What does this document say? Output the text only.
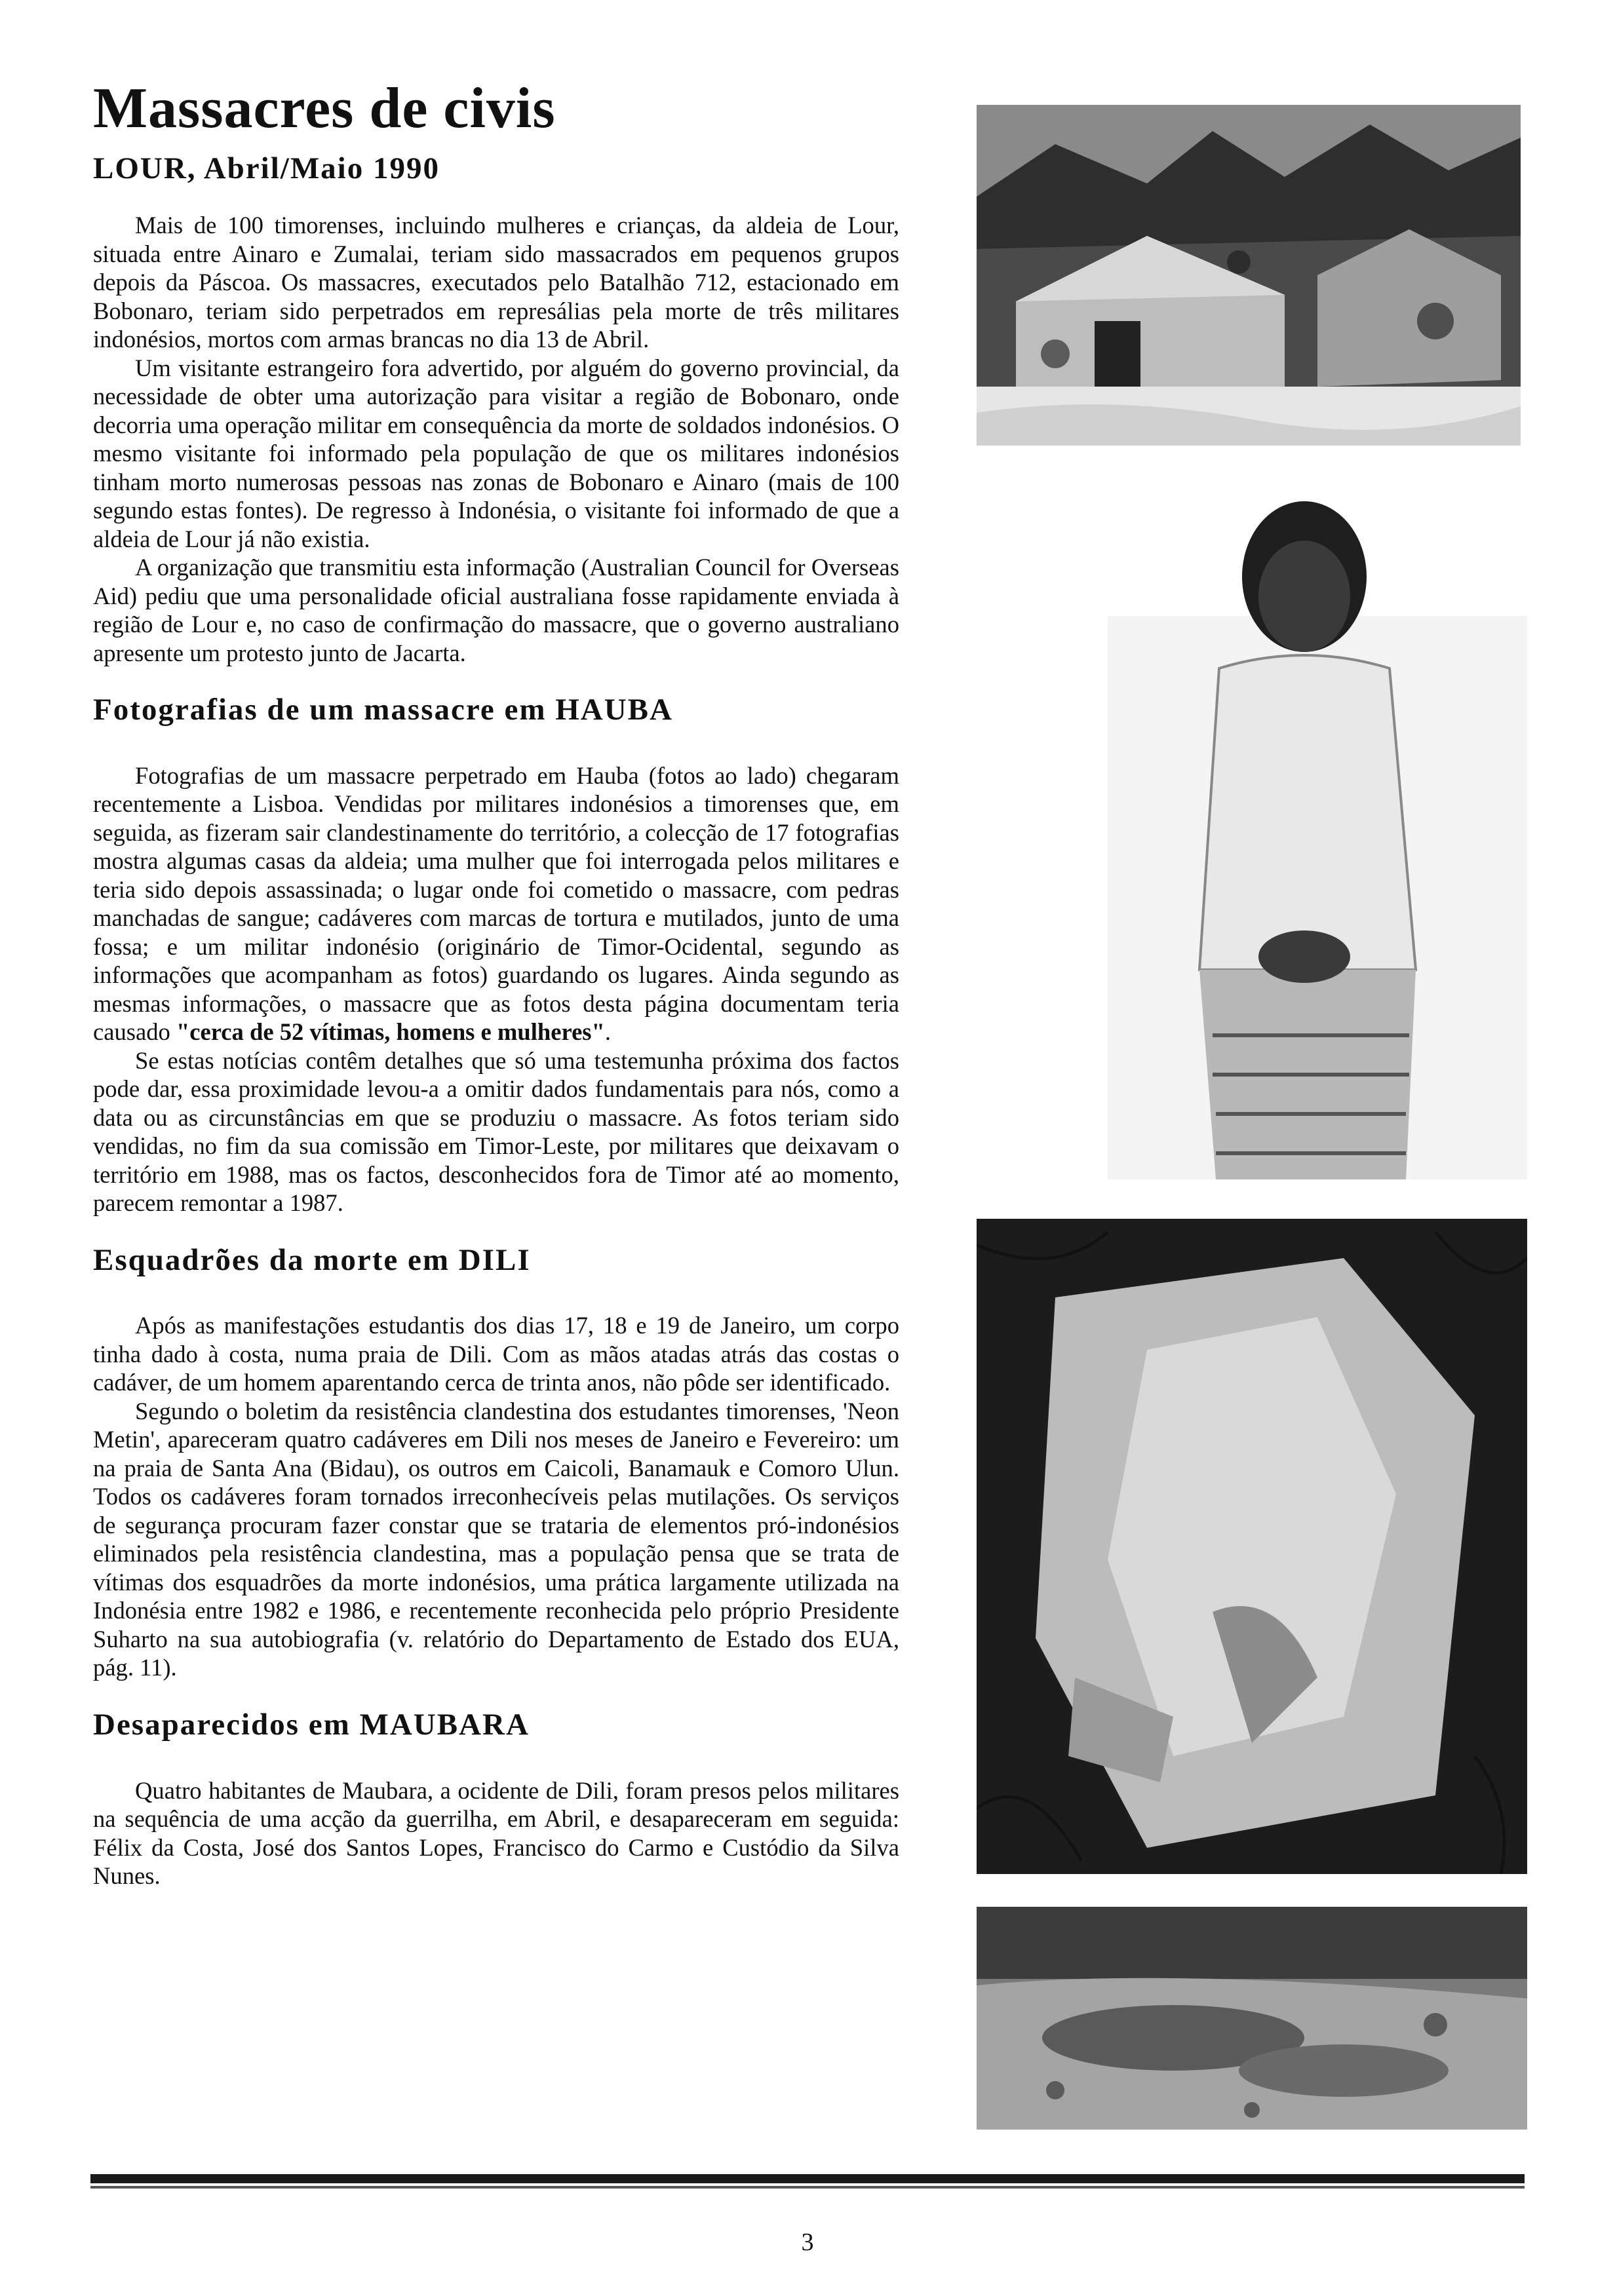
Massacres de civis
LOUR, Abril/Maio 1990

Mais de 100 timorenses, incluindo mulheres e crianças, da aldeia de Lour, situada entre Ainaro e Zumalai, teriam sido massacrados em pequenos grupos depois da Páscoa. Os massacres, executados pelo Batalhão 712, estacionado em Bobonaro, teriam sido perpetrados em represálias pela morte de três militares indonésios, mortos com armas brancas no dia 13 de Abril.

Um visitante estrangeiro fora advertido, por alguém do governo provincial, da necessidade de obter uma autorização para visitar a região de Bobonaro, onde decorria uma operação militar em consequência da morte de soldados indonésios. O mesmo visitante foi informado pela população de que os militares indonésios tinham morto numerosas pessoas nas zonas de Bobonaro e Ainaro (mais de 100 segundo estas fontes). De regresso à Indonésia, o visitante foi informado de que a aldeia de Lour já não existia.

A organização que transmitiu esta informação (Australian Council for Overseas Aid) pediu que uma personalidade oficial australiana fosse rapidamente enviada à região de Lour e, no caso de confirmação do massacre, que o governo australiano apresente um protesto junto de Jacarta.

Fotografias de um massacre em HAUBA

Fotografias de um massacre perpetrado em Hauba (fotos ao lado) chegaram recentemente a Lisboa. Vendidas por militares indonésios a timorenses que, em seguida, as fizeram sair clandestinamente do território, a colecção de 17 fotografias mostra algumas casas da aldeia; uma mulher que foi interrogada pelos militares e teria sido depois assassinada; o lugar onde foi cometido o massacre, com pedras manchadas de sangue; cadáveres com marcas de tortura e mutilados, junto de uma fossa; e um militar indonésio (originário de Timor-Ocidental, segundo as informações que acompanham as fotos) guardando os lugares. Ainda segundo as mesmas informações, o massacre que as fotos desta página documentam teria causado "cerca de 52 vítimas, homens e mulheres".

Se estas notícias contêm detalhes que só uma testemunha próxima dos factos pode dar, essa proximidade levou-a a omitir dados fundamentais para nós, como a data ou as circunstâncias em que se produziu o massacre. As fotos teriam sido vendidas, no fim da sua comissão em Timor-Leste, por militares que deixavam o território em 1988, mas os factos, desconhecidos fora de Timor até ao momento, parecem remontar a 1987.

Esquadrões da morte em DILI

Após as manifestações estudantis dos dias 17, 18 e 19 de Janeiro, um corpo tinha dado à costa, numa praia de Dili. Com as mãos atadas atrás das costas o cadáver, de um homem aparentando cerca de trinta anos, não pôde ser identificado.

Segundo o boletim da resistência clandestina dos estudantes timorenses, 'Neon Metin', apareceram quatro cadáveres em Dili nos meses de Janeiro e Fevereiro: um na praia de Santa Ana (Bidau), os outros em Caicoli, Banamauk e Comoro Ulun. Todos os cadáveres foram tornados irreconhecíveis pelas mutilações. Os serviços de segurança procuram fazer constar que se trataria de elementos pró-indonésios eliminados pela resistência clandestina, mas a população pensa que se trata de vítimas dos esquadrões da morte indonésios, uma prática largamente utilizada na Indonésia entre 1982 e 1986, e recentemente reconhecida pelo próprio Presidente Suharto na sua autobiografia (v. relatório do Departamento de Estado dos EUA, pág. 11).

Desaparecidos em MAUBARA

Quatro habitantes de Maubara, a ocidente de Dili, foram presos pelos militares na sequência de uma acção da guerrilha, em Abril, e desapareceram em seguida: Félix da Costa, José dos Santos Lopes, Francisco do Carmo e Custódio da Silva Nunes.

3
